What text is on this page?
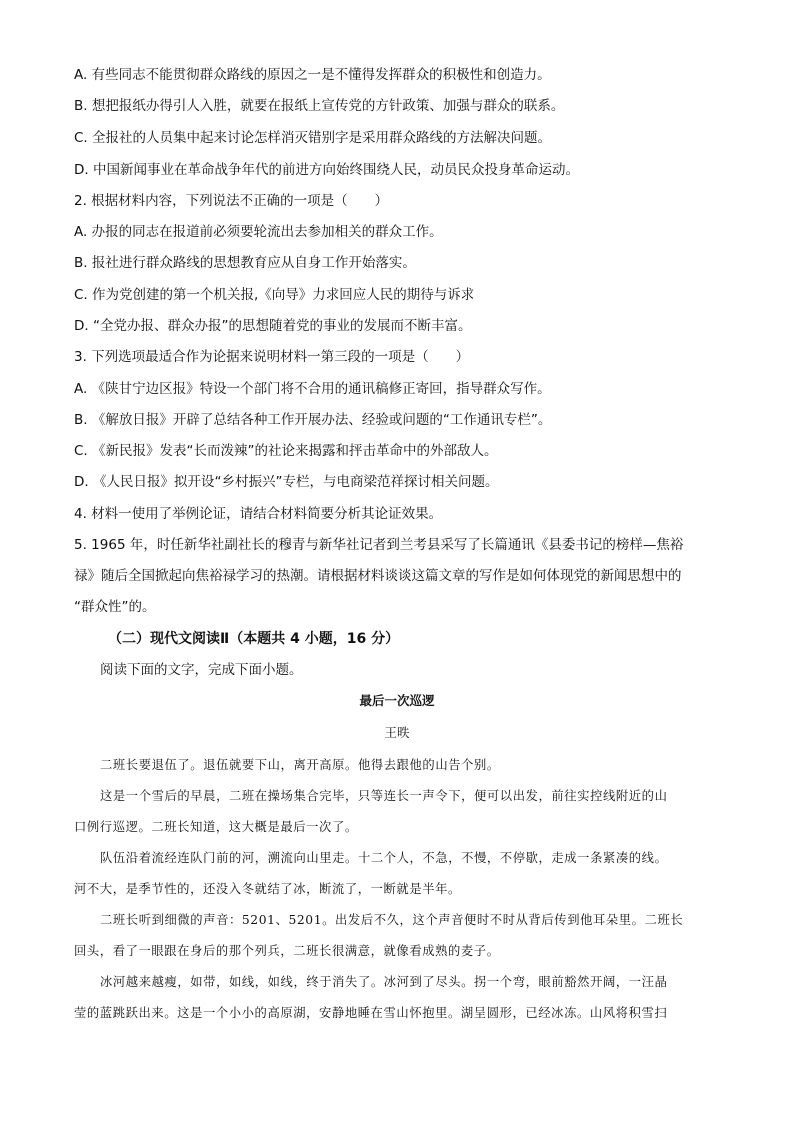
A. 有些同志不能贯彻群众路线的原因之一是不懂得发挥群众的积极性和创造力。
B. 想把报纸办得引人入胜，就要在报纸上宣传党的方针政策、加强与群众的联系。
C. 全报社的人员集中起来讨论怎样消灭错别字是采用群众路线的方法解决问题。
D. 中国新闻事业在革命战争年代的前进方向始终围绕人民，动员民众投身革命运动。
2. 根据材料内容，下列说法不正确的一项是（　　）
A. 办报的同志在报道前必须要轮流出去参加相关的群众工作。
B. 报社进行群众路线的思想教育应从自身工作开始落实。
C. 作为党创建的第一个机关报,《向导》力求回应人民的期待与诉求
D. “全党办报、群众办报”的思想随着党的事业的发展而不断丰富。
3. 下列选项最适合作为论据来说明材料一第三段的一项是（　　）
A. 《陕甘宁边区报》特设一个部门将不合用的通讯稿修正寄回，指导群众写作。
B. 《解放日报》开辟了总结各种工作开展办法、经验或问题的“工作通讯专栏”。
C. 《新民报》发表“长而泼辣”的社论来揭露和抨击革命中的外部敌人。
D. 《人民日报》拟开设“乡村振兴”专栏，与电商梁范祥探讨相关问题。
4. 材料一使用了举例论证，请结合材料简要分析其论证效果。
5. 1965 年，时任新华社副社长的穆青与新华社记者到兰考县采写了长篇通讯《县委书记的榜样—焦裕
禄》随后全国掀起向焦裕禄学习的热潮。请根据材料谈谈这篇文章的写作是如何体现党的新闻思想中的
“群众性”的。
（二）现代文阅读Ⅱ（本题共 4 小题，16 分）
阅读下面的文字，完成下面小题。
最后一次巡逻
王昳
二班长要退伍了。退伍就要下山，离开高原。他得去跟他的山告个别。
这是一个雪后的早晨，二班在操场集合完毕，只等连长一声令下，便可以出发，前往实控线附近的山
口例行巡逻。二班长知道，这大概是最后一次了。
队伍沿着流经连队门前的河，溯流向山里走。十二个人，不急，不慢，不停歇，走成一条紧凑的线。
河不大，是季节性的，还没入冬就结了冰，断流了，一断就是半年。
二班长听到细微的声音：5201、5201。出发后不久，这个声音便时不时从背后传到他耳朵里。二班长
回头，看了一眼跟在身后的那个列兵，二班长很满意，就像看成熟的麦子。
冰河越来越瘦，如带，如线，如线，终于消失了。冰河到了尽头。拐一个弯，眼前豁然开阔，一汪晶
莹的蓝跳跃出来。这是一个小小的高原湖，安静地睡在雪山怀抱里。湖呈圆形，已经冰冻。山风将积雪扫
